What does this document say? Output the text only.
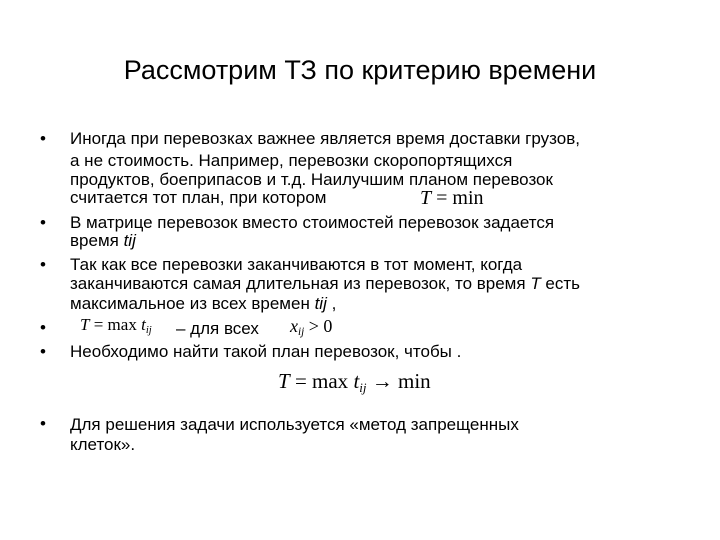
Рассмотрим ТЗ по критерию времени
• Иногда при перевозках важнее является время доставки грузов,
а не стоимость. Например, перевозки скоропортящихся
продуктов, боеприпасов и т.д. Наилучшим планом перевозок
считается тот план, при котором	T = min
• В матрице перевозок вместо стоимостей перевозок задается
время tij
• Так как все перевозки заканчиваются в тот момент, когда
заканчиваются самая длительная из перевозок, то время T есть
максимальное из всех времен tij ,
• T = max tij – для всех xij > 0
• Необходимо найти такой план перевозок, чтобы .
T = max tij → min
• Для решения задачи используется «метод запрещенных
клеток».
